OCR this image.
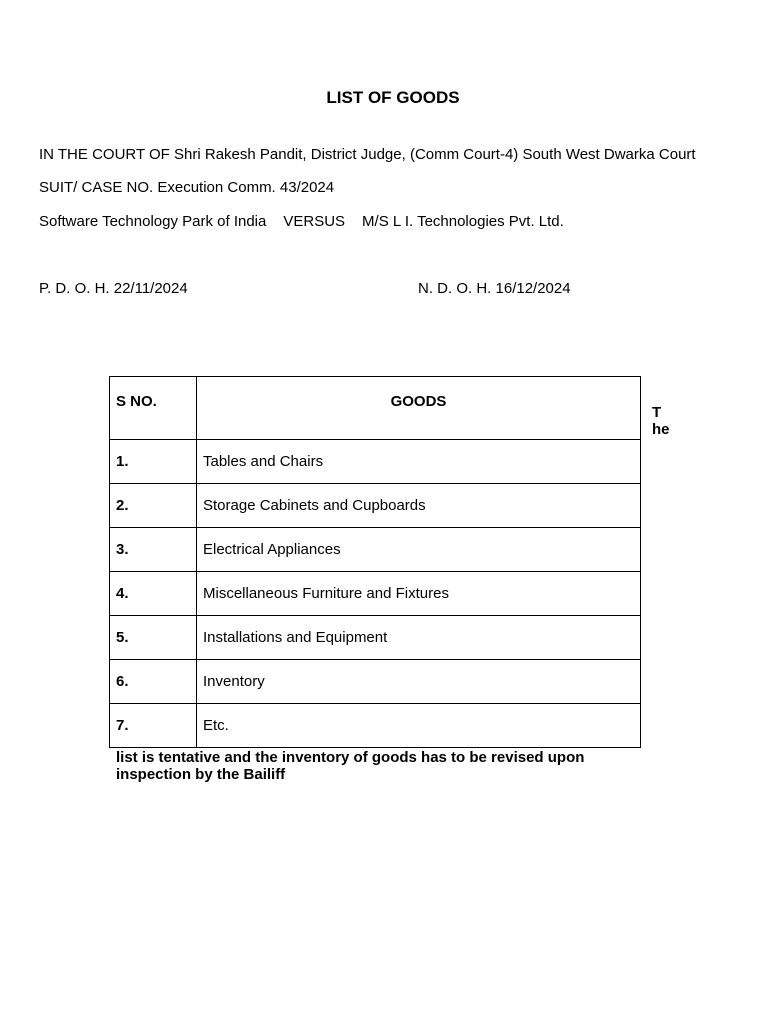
LIST OF GOODS
IN THE COURT OF Shri Rakesh Pandit, District Judge, (Comm Court-4) South West Dwarka Court
SUIT/ CASE NO. Execution Comm. 43/2024
Software Technology Park of India VERSUS M/S L I. Technologies Pvt. Ltd.
P. D. O. H. 22/11/2024	N. D. O. H. 16/12/2024
S NO.	GOODS
1.	Tables and Chairs
2.	Storage Cabinets and Cupboards
3.	Electrical Appliances
4.	Miscellaneous Furniture and Fixtures
5.	Installations and Equipment
6.	Inventory
7.	Etc.
T
he
list is tentative and the inventory of goods has to be revised upon inspection by the Bailiff
